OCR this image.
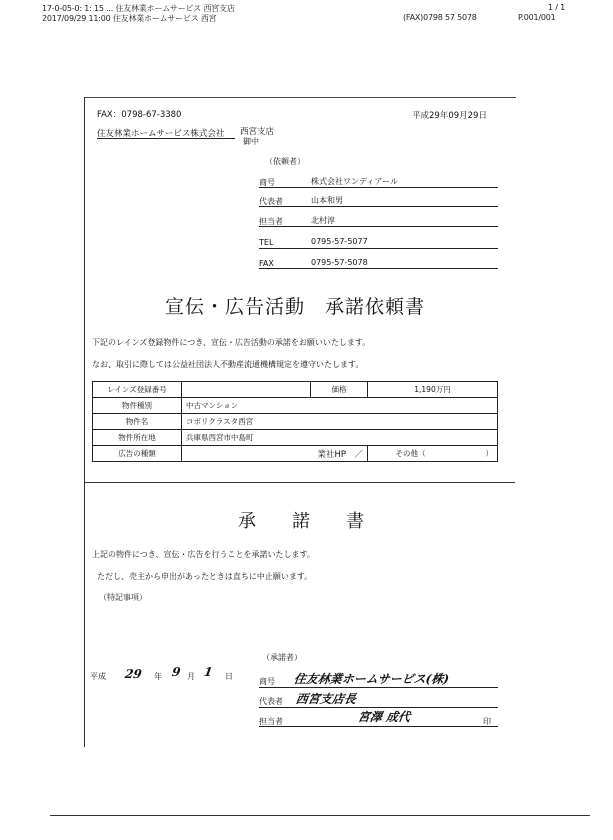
17-0-05-0: 1: 15 ... 住友林業ホームサービス 西宮支店
2017/09/29 11:00 住友林業ホームサービス 西宮	(FAX)0798 57 5078
1 / 1
P.001/001
FAX：0798-67-3380	平成29年09月29日
住友林業ホームサービス株式会社 西宮支店
御中
（依頼者）
商号	株式会社ワンディアール
代表者	山本和男
担当者	北村淳
TEL	0795-57-5077
FAX	0795-57-5078
宣伝・広告活動　承諾依頼書
下記のレインズ登録物件につき、宣伝・広告活動の承諾をお願いいたします。
なお、取引に際しては公益社団法人不動産流通機構規定を遵守いたします。
レインズ登録番号		価格	1,190万円
物件種別	中古マンション		
物件名	コボリクラスタ西宮		
物件所在地	兵庫県西宮市中島町		
広告の種類	業社HP　／		その他（　　　　　　　　）
承　　諾　　書
上記の物件につき、宣伝・広告を行うことを承諾いたします。
ただし、売主から申出があったときは直ちに中止願います。
（特記事項）
平成 29 年 9 月 1 日
（承諾者）
商号 住友林業ホームサービス(株)
代表者 西宮支店長
担当者	宮澤 成代	印
